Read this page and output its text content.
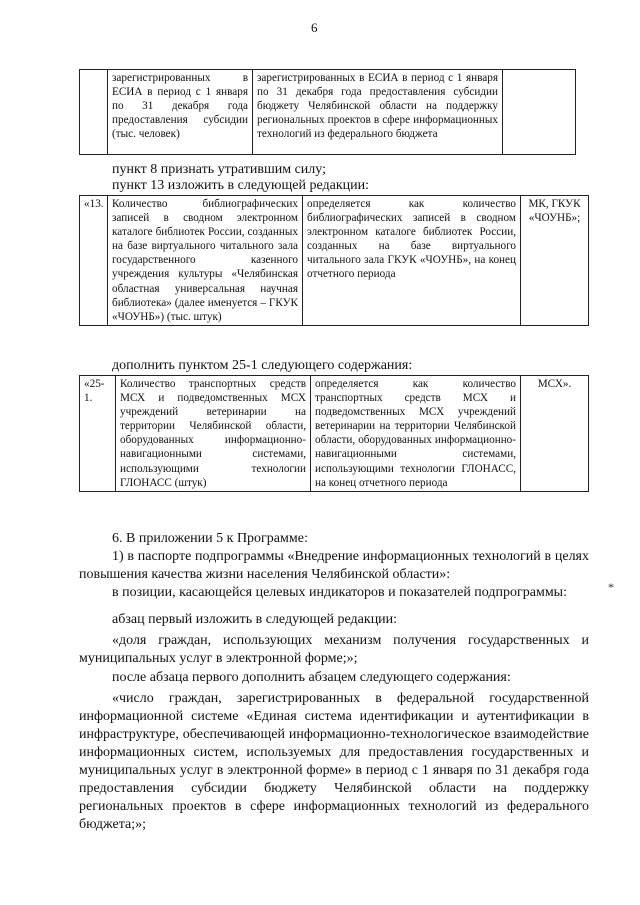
6
	зарегистрированных в ЕСИА в период с 1 января по 31 декабря года предоставления субсидии (тыс. человек)	зарегистрированных в ЕСИА в период с 1 января по 31 декабря года предоставления субсидии бюджету Челябинской области на поддержку региональных проектов в сфере информационных технологий из федерального бюджета	
пункт 8 признать утратившим силу;
пункт 13 изложить в следующей редакции:
«13.	Количество библиографических записей в сводном электронном каталоге библиотек России, созданных на базе виртуального читального зала государственного казенного учреждения культуры «Челябинская областная универсальная научная библиотека» (далее именуется – ГКУК «ЧОУНБ») (тыс. штук)	определяется как количество библиографических записей в сводном электронном каталоге библиотек России, созданных на базе виртуального читального зала ГКУК «ЧОУНБ», на конец отчетного периода	МК, ГКУК «ЧОУНБ»;
дополнить пунктом 25-1 следующего содержания:
«25-1.	Количество транспортных средств МСХ и подведомственных МСХ учреждений ветеринарии на территории Челябинской области, оборудованных информационно-навигационными системами, использующими технологии ГЛОНАСС (штук)	определяется как количество транспортных средств МСХ и подведомственных МСХ учреждений ветеринарии на территории Челябинской области, оборудованных информационно-навигационными системами, использующими технологии ГЛОНАСС, на конец отчетного периода	МСХ».
6. В приложении 5 к Программе:
1) в паспорте подпрограммы «Внедрение информационных технологий в целях повышения качества жизни населения Челябинской области»:
в позиции, касающейся целевых индикаторов и показателей подпрограммы:
абзац первый изложить в следующей редакции:
«доля граждан, использующих механизм получения государственных и муниципальных услуг в электронной форме;»;
после абзаца первого дополнить абзацем следующего содержания:
«число граждан, зарегистрированных в федеральной государственной информационной системе «Единая система идентификации и аутентификации в инфраструктуре, обеспечивающей информационно-технологическое взаимодействие информационных систем, используемых для предоставления государственных и муниципальных услуг в электронной форме» в период с 1 января по 31 декабря года предоставления субсидии бюджету Челябинской области на поддержку региональных проектов в сфере информационных технологий из федерального бюджета;»;
*
